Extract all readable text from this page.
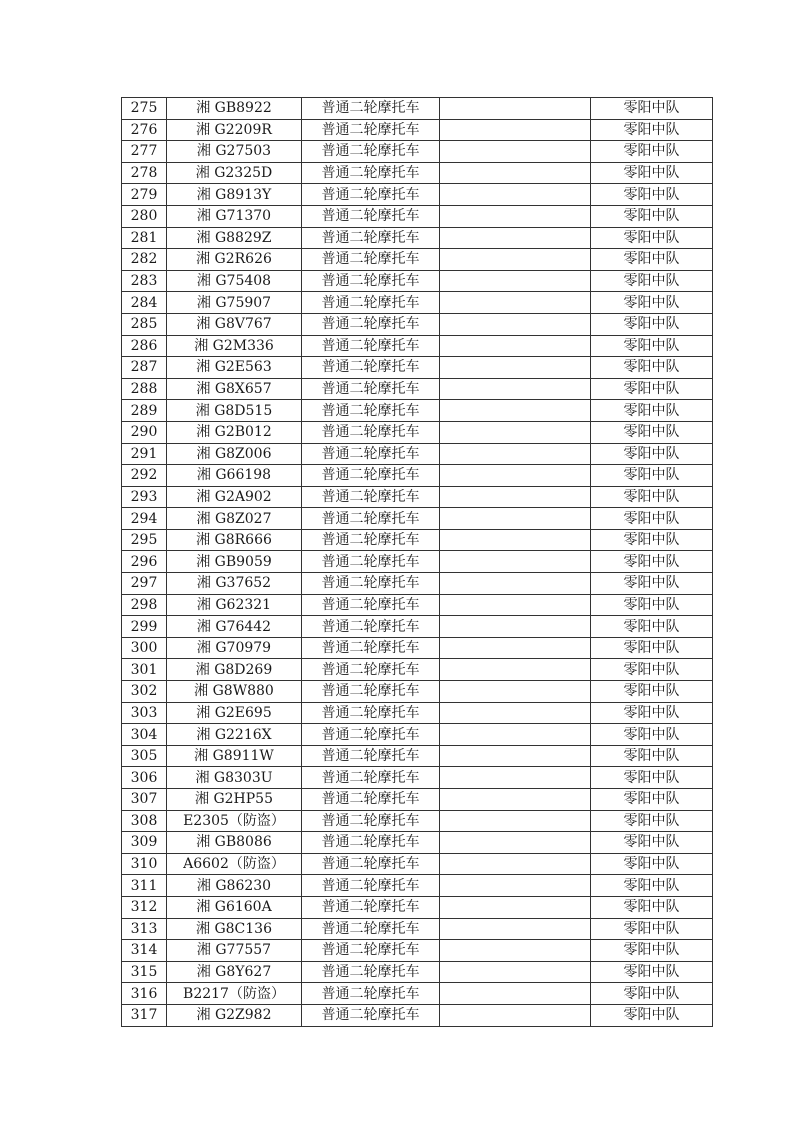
275	湘 GB8922	普通二轮摩托车		零阳中队
276	湘 G2209R	普通二轮摩托车		零阳中队
277	湘 G27503	普通二轮摩托车		零阳中队
278	湘 G2325D	普通二轮摩托车		零阳中队
279	湘 G8913Y	普通二轮摩托车		零阳中队
280	湘 G71370	普通二轮摩托车		零阳中队
281	湘 G8829Z	普通二轮摩托车		零阳中队
282	湘 G2R626	普通二轮摩托车		零阳中队
283	湘 G75408	普通二轮摩托车		零阳中队
284	湘 G75907	普通二轮摩托车		零阳中队
285	湘 G8V767	普通二轮摩托车		零阳中队
286	湘 G2M336	普通二轮摩托车		零阳中队
287	湘 G2E563	普通二轮摩托车		零阳中队
288	湘 G8X657	普通二轮摩托车		零阳中队
289	湘 G8D515	普通二轮摩托车		零阳中队
290	湘 G2B012	普通二轮摩托车		零阳中队
291	湘 G8Z006	普通二轮摩托车		零阳中队
292	湘 G66198	普通二轮摩托车		零阳中队
293	湘 G2A902	普通二轮摩托车		零阳中队
294	湘 G8Z027	普通二轮摩托车		零阳中队
295	湘 G8R666	普通二轮摩托车		零阳中队
296	湘 GB9059	普通二轮摩托车		零阳中队
297	湘 G37652	普通二轮摩托车		零阳中队
298	湘 G62321	普通二轮摩托车		零阳中队
299	湘 G76442	普通二轮摩托车		零阳中队
300	湘 G70979	普通二轮摩托车		零阳中队
301	湘 G8D269	普通二轮摩托车		零阳中队
302	湘 G8W880	普通二轮摩托车		零阳中队
303	湘 G2E695	普通二轮摩托车		零阳中队
304	湘 G2216X	普通二轮摩托车		零阳中队
305	湘 G8911W	普通二轮摩托车		零阳中队
306	湘 G8303U	普通二轮摩托车		零阳中队
307	湘 G2HP55	普通二轮摩托车		零阳中队
308	E2305（防盗）	普通二轮摩托车		零阳中队
309	湘 GB8086	普通二轮摩托车		零阳中队
310	A6602（防盗）	普通二轮摩托车		零阳中队
311	湘 G86230	普通二轮摩托车		零阳中队
312	湘 G6160A	普通二轮摩托车		零阳中队
313	湘 G8C136	普通二轮摩托车		零阳中队
314	湘 G77557	普通二轮摩托车		零阳中队
315	湘 G8Y627	普通二轮摩托车		零阳中队
316	B2217（防盗）	普通二轮摩托车		零阳中队
317	湘 G2Z982	普通二轮摩托车		零阳中队
